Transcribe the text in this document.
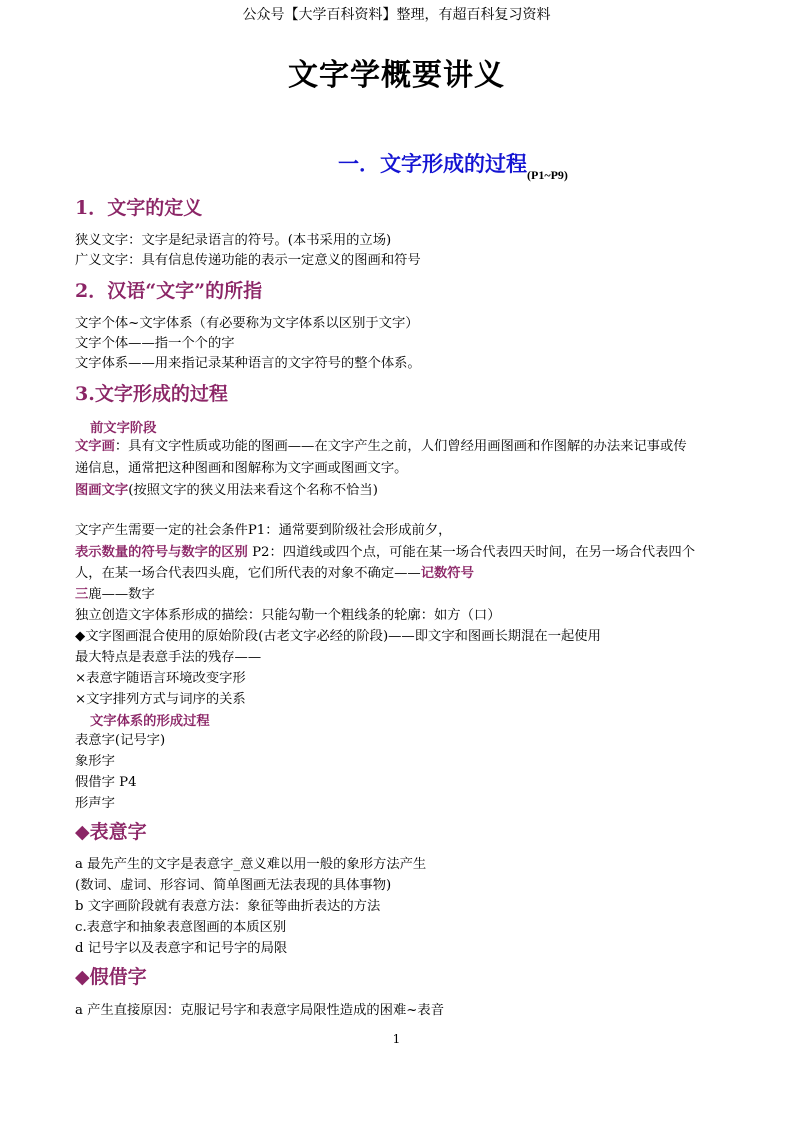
公众号【大学百科资料】整理，有超百科复习资料
文字学概要讲义
一．文字形成的过程$_{(P1\sim P9)}$
1．文字的定义
狭义文字：文字是纪录语言的符号。(本书采用的立场)
广义文字：具有信息传递功能的表示一定意义的图画和符号
2．汉语“文字”的所指
文字个体~文字体系（有必要称为文字体系以区别于文字）
文字个体——指一个个的字
文字体系——用来指记录某种语言的文字符号的整个体系。
3.文字形成的过程
前文字阶段
文字画：具有文字性质或功能的图画——在文字产生之前，人们曾经用画图画和作图解的办法来记事或传
递信息，通常把这种图画和图解称为文字画或图画文字。
图画文字(按照文字的狭义用法来看这个名称不恰当)
文字产生需要一定的社会条件P1：通常要到阶级社会形成前夕，
表示数量的符号与数字的区别 P2：四道线或四个点，可能在某一场合代表四天时间，在另一场合代表四个
人，在某一场合代表四头鹿，它们所代表的对象不确定——记数符号
三鹿——数字
独立创造文字体系形成的描绘：只能勾勒一个粗线条的轮廓：如方（口）
◆文字图画混合使用的原始阶段(古老文字必经的阶段)——即文字和图画长期混在一起使用
最大特点是表意手法的残存——
×表意字随语言环境改变字形
×文字排列方式与词序的关系
文字体系的形成过程
表意字(记号字)
象形字
假借字 P4
形声字
◆表意字
a 最先产生的文字是表意字_意义难以用一般的象形方法产生
(数词、虚词、形容词、简单图画无法表现的具体事物)
b 文字画阶段就有表意方法：象征等曲折表达的方法
c.表意字和抽象表意图画的本质区别
d 记号字以及表意字和记号字的局限
◆假借字
a 产生直接原因：克服记号字和表意字局限性造成的困难~表音
1
